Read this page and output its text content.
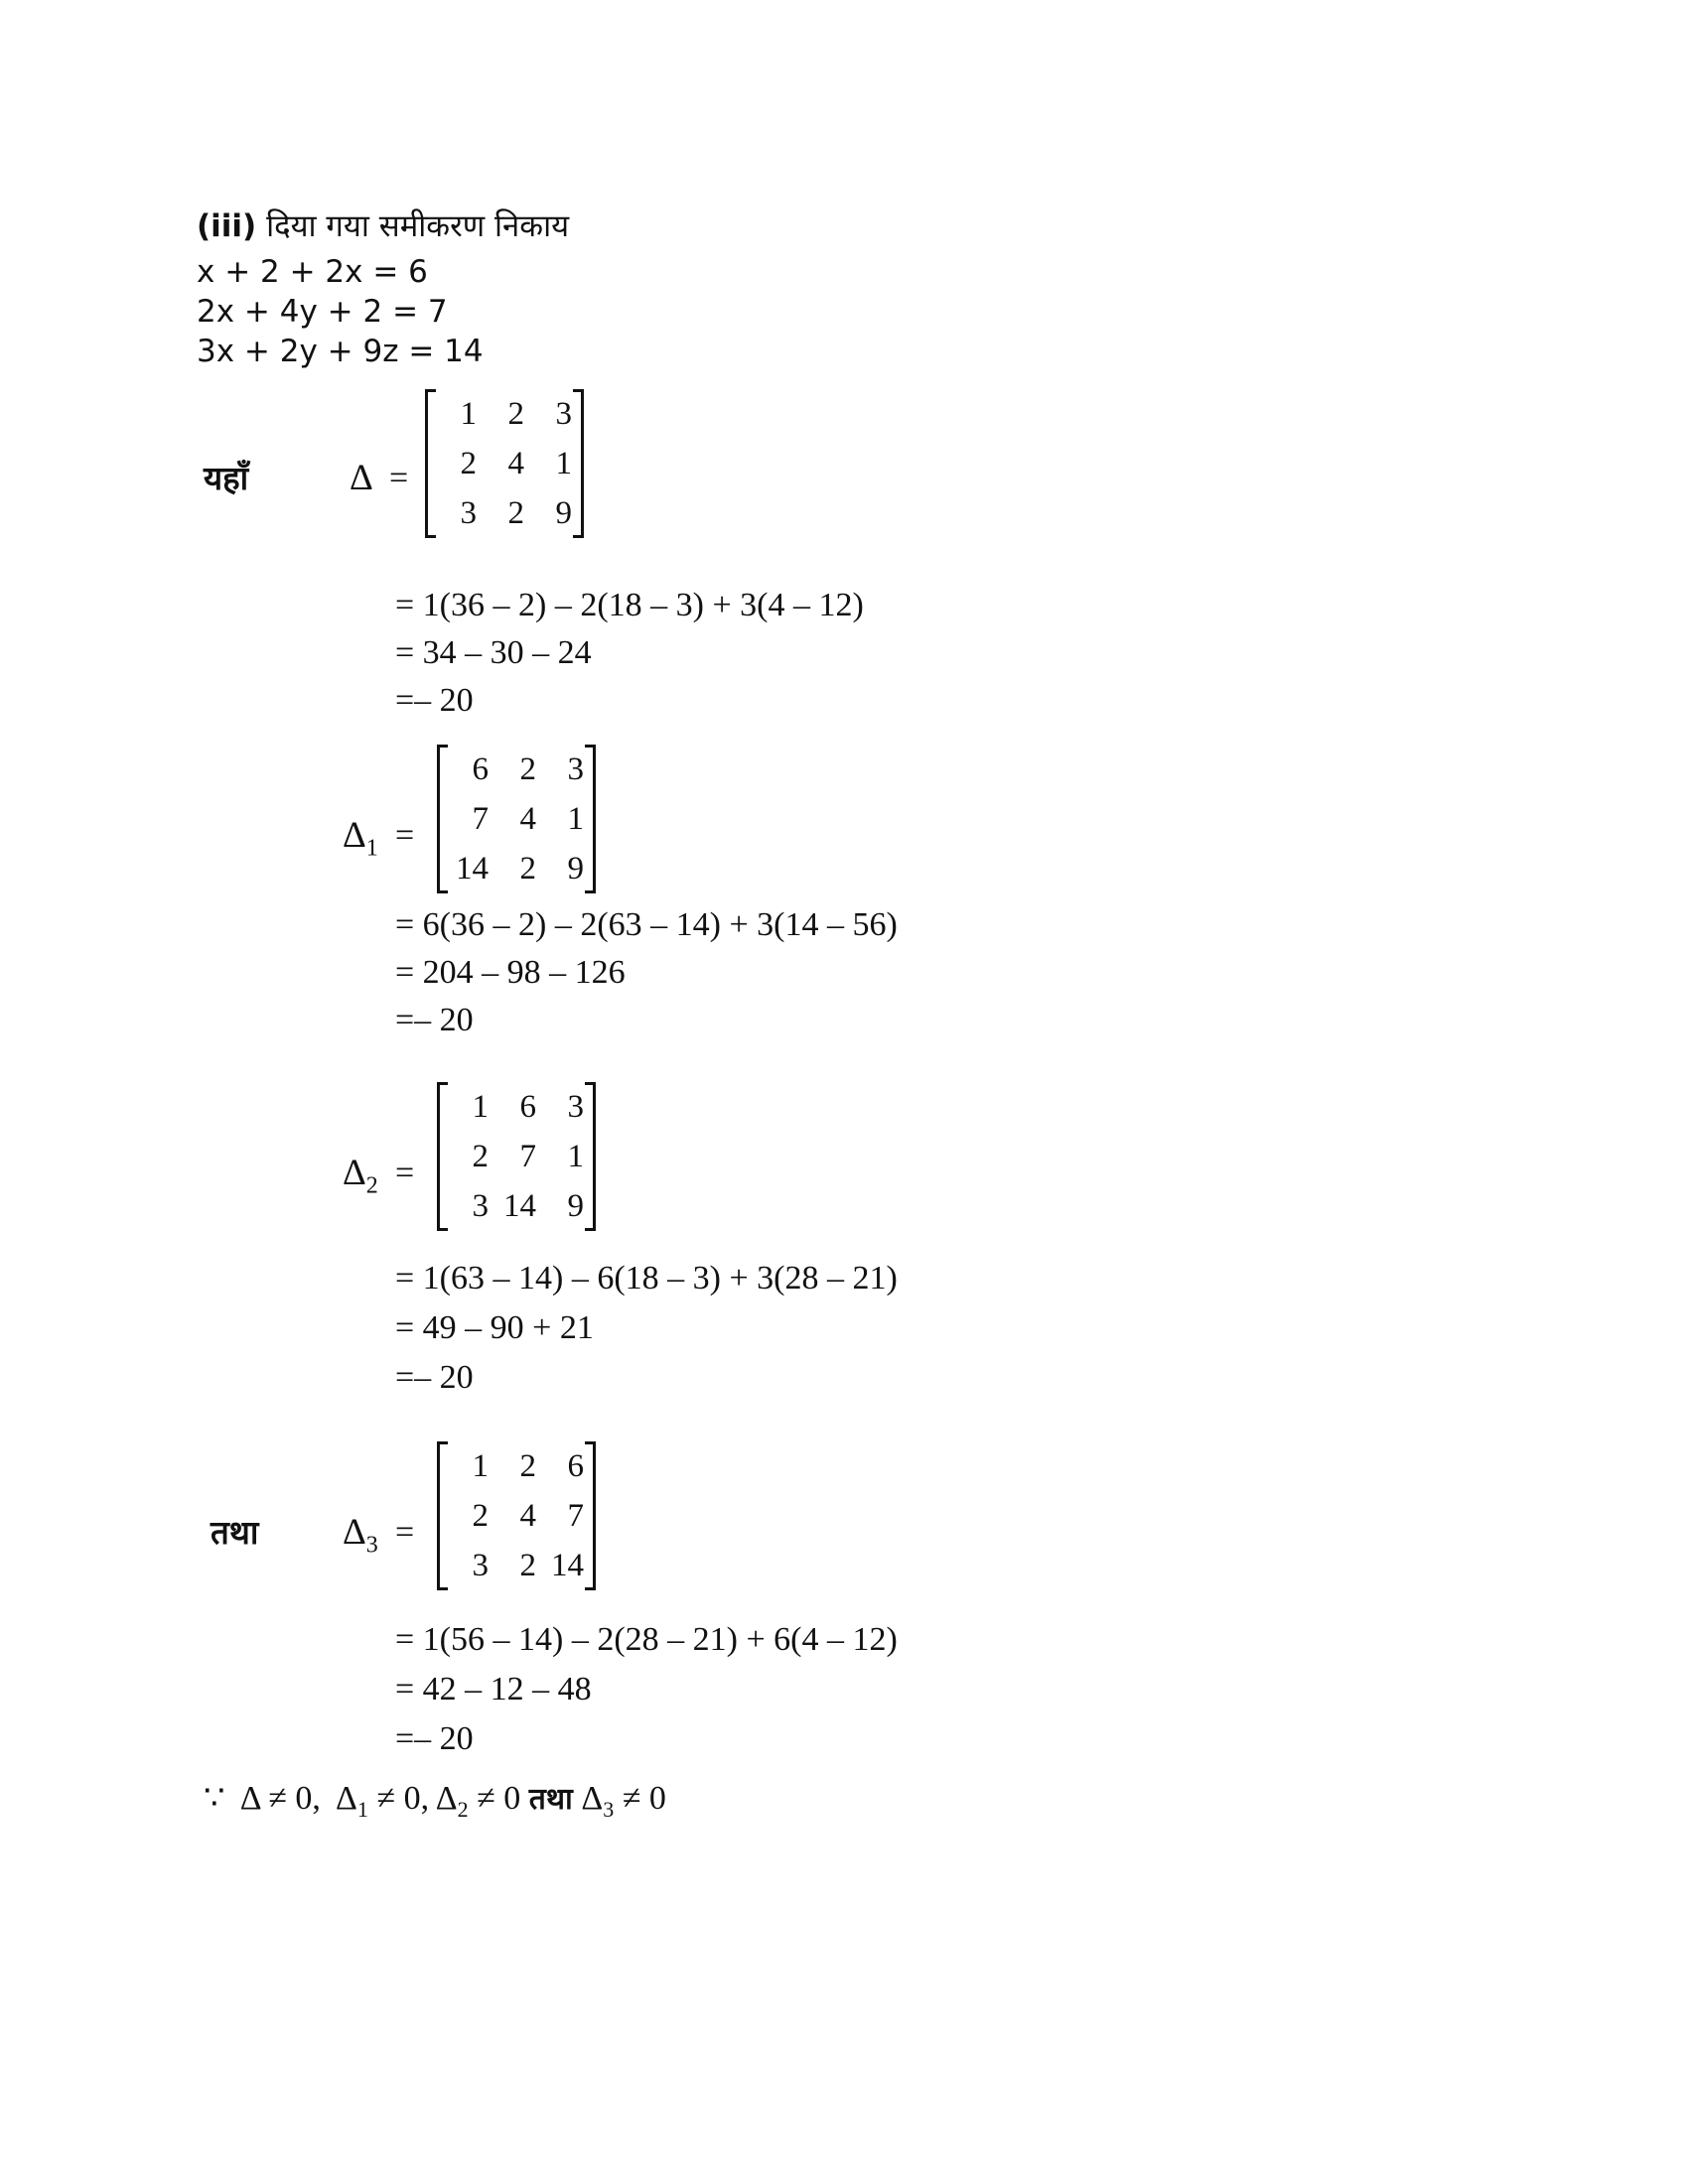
(iii) दिया गया समीकरण निकाय
x + 2 + 2x = 6
2x + 4y + 2 = 7
3x + 2y + 9z = 14
यहाँ	Δ =
1 2 3
2 4 1
3 2 9
= 1(36 – 2) – 2(18 – 3) + 3(4 – 12)
= 34 – 30 – 24
=– 20
$\Delta_1$ =
6 2 3
7 4 1
14 2 9
= 6(36 – 2) – 2(63 – 14) + 3(14 – 56)
= 204 – 98 – 126
=– 20
$\Delta_2$ =
1 6 3
2 7 1
3 14 9
= 1(63 – 14) – 6(18 – 3) + 3(28 – 21)
= 49 – 90 + 21
=– 20
तथा $\Delta_3$ =
1 2 6
2 4 7
3 2 14
= 1(56 – 14) – 2(28 – 21) + 6(4 – 12)
= 42 – 12 – 48
=– 20
∵ Δ ≠ 0, $\Delta_1 \ne 0$, $\Delta_2 \ne 0$ तथा $\Delta_3 \ne 0$
